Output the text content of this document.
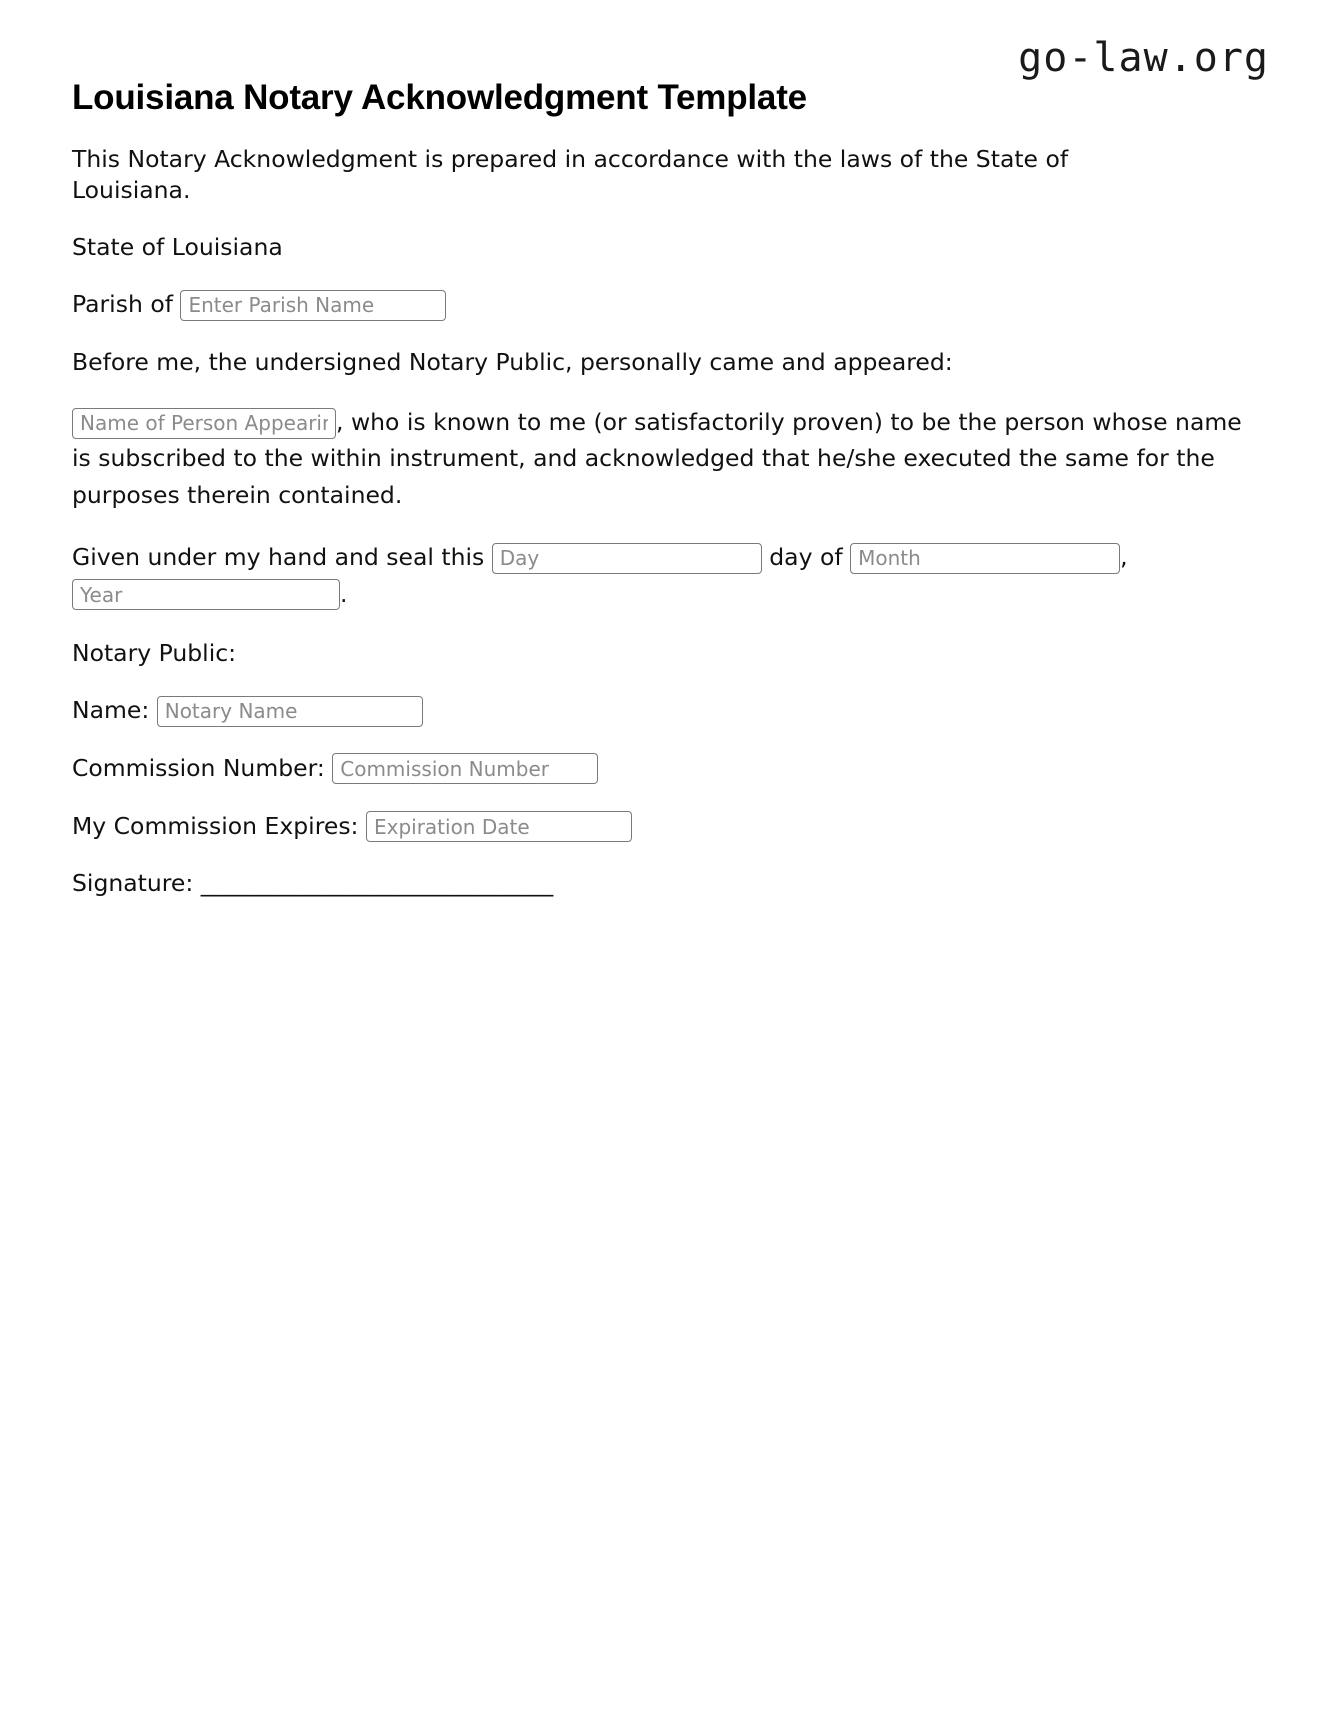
go-law.org
Louisiana Notary Acknowledgment Template

This Notary Acknowledgment is prepared in accordance with the laws of the State of Louisiana.

State of Louisiana

Parish of Enter Parish Name

Before me, the undersigned Notary Public, personally came and appeared:

Name of Person Appearing, who is known to me (or satisfactorily proven) to be the person whose name is subscribed to the within instrument, and acknowledged that he/she executed the same for the purposes therein contained.
Given under my hand and seal this Day	day of Month	, Year.

Notary Public:

Name: Notary Name
Commission Number: Commission Number
My Commission Expires: Expiration Date
Signature: ______________________________
